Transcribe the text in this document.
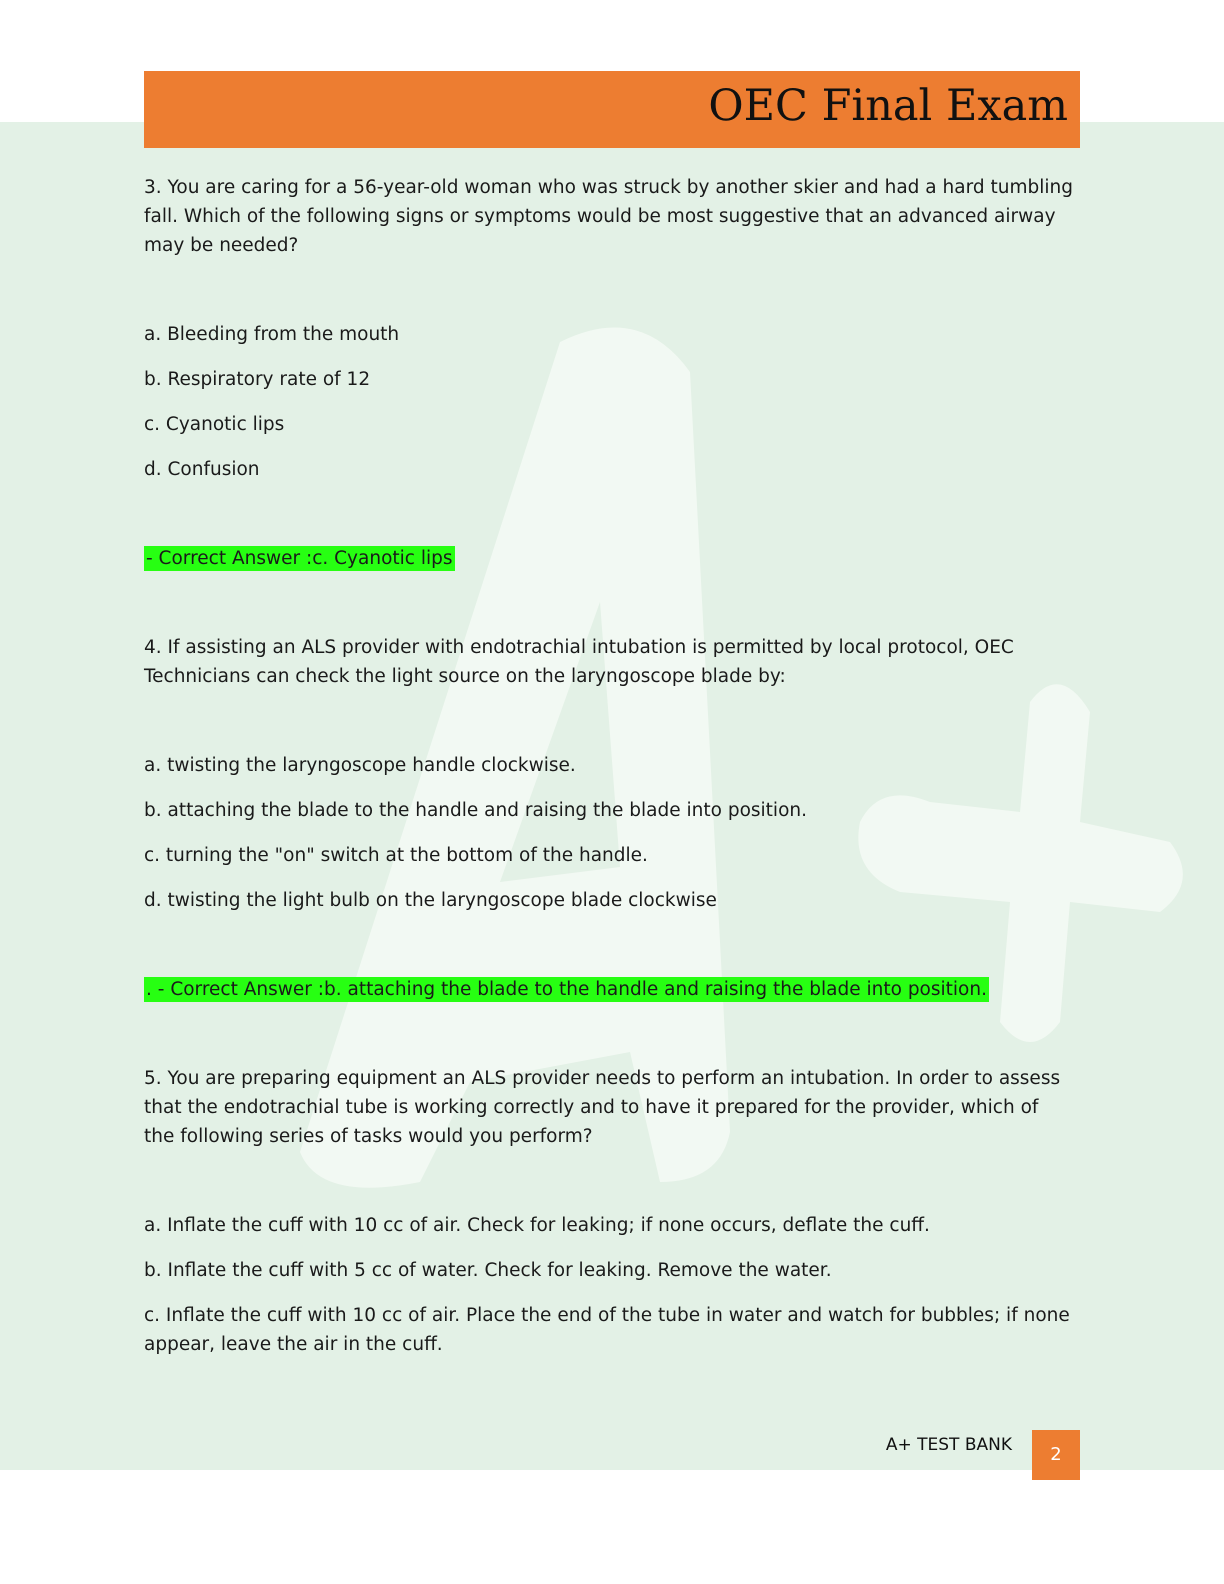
OEC Final Exam
3. You are caring for a 56-year-old woman who was struck by another skier and had a hard tumbling fall. Which of the following signs or symptoms would be most suggestive that an advanced airway may be needed?
a. Bleeding from the mouth
b. Respiratory rate of 12
c. Cyanotic lips
d. Confusion
- Correct Answer :c. Cyanotic lips
4. If assisting an ALS provider with endotrachial intubation is permitted by local protocol, OEC Technicians can check the light source on the laryngoscope blade by:
a. twisting the laryngoscope handle clockwise.
b. attaching the blade to the handle and raising the blade into position.
c. turning the "on" switch at the bottom of the handle.
d. twisting the light bulb on the laryngoscope blade clockwise
. - Correct Answer :b. attaching the blade to the handle and raising the blade into position.
5. You are preparing equipment an ALS provider needs to perform an intubation. In order to assess that the endotrachial tube is working correctly and to have it prepared for the provider, which of the following series of tasks would you perform?
a. Inflate the cuff with 10 cc of air. Check for leaking; if none occurs, deflate the cuff.
b. Inflate the cuff with 5 cc of water. Check for leaking. Remove the water.
c. Inflate the cuff with 10 cc of air. Place the end of the tube in water and watch for bubbles; if none appear, leave the air in the cuff.
A+ TEST BANK	2
